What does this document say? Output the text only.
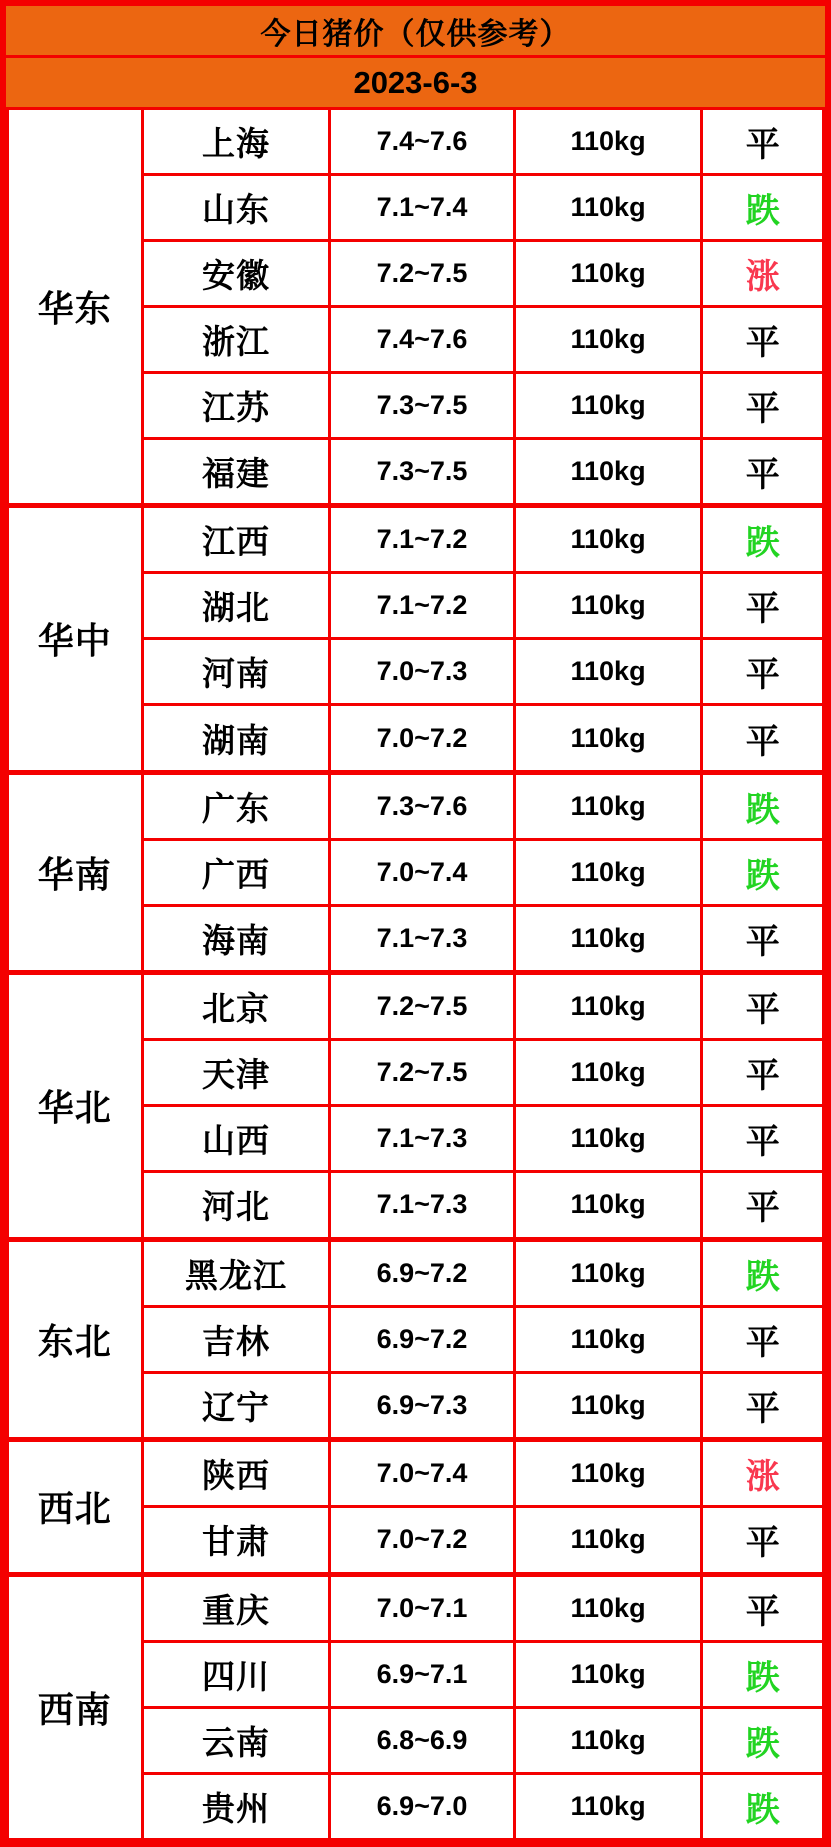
今日猪价（仅供参考）
2023-6-3
华东	上海	7.4~7.6	110kg	平
	山东	7.1~7.4	110kg	跌
	安徽	7.2~7.5	110kg	涨
	浙江	7.4~7.6	110kg	平
	江苏	7.3~7.5	110kg	平
	福建	7.3~7.5	110kg	平
华中	江西	7.1~7.2	110kg	跌
	湖北	7.1~7.2	110kg	平
	河南	7.0~7.3	110kg	平
	湖南	7.0~7.2	110kg	平
华南	广东	7.3~7.6	110kg	跌
	广西	7.0~7.4	110kg	跌
	海南	7.1~7.3	110kg	平
华北	北京	7.2~7.5	110kg	平
	天津	7.2~7.5	110kg	平
	山西	7.1~7.3	110kg	平
	河北	7.1~7.3	110kg	平
东北	黑龙江	6.9~7.2	110kg	跌
	吉林	6.9~7.2	110kg	平
	辽宁	6.9~7.3	110kg	平
西北	陕西	7.0~7.4	110kg	涨
	甘肃	7.0~7.2	110kg	平
西南	重庆	7.0~7.1	110kg	平
	四川	6.9~7.1	110kg	跌
	云南	6.8~6.9	110kg	跌
	贵州	6.9~7.0	110kg	跌
